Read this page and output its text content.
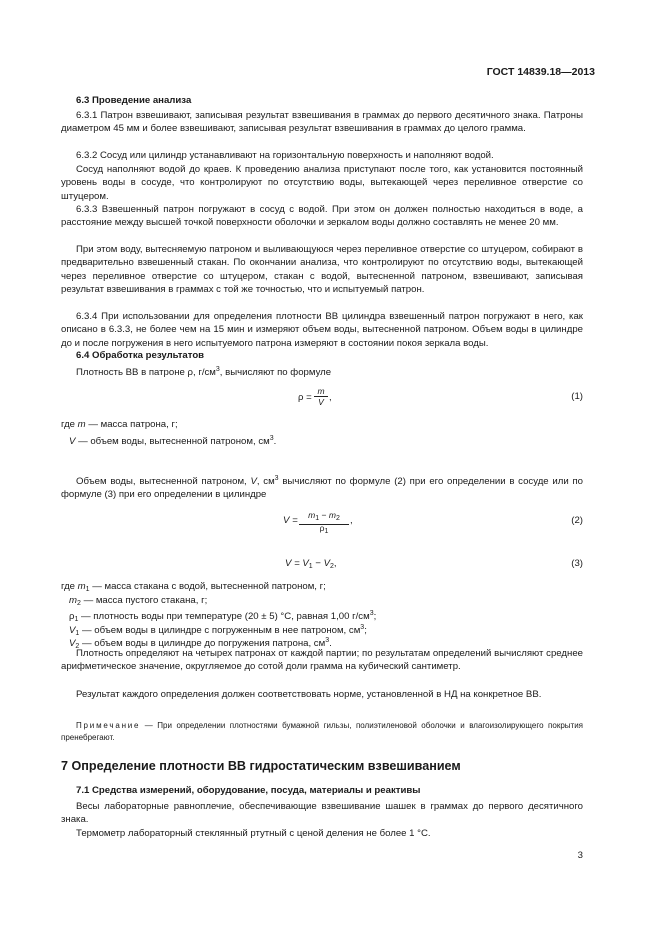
ГОСТ 14839.18—2013
6.3 Проведение анализа
6.3.1 Патрон взвешивают, записывая результат взвешивания в граммах до первого десятичного знака. Патроны диаметром 45 мм и более взвешивают, записывая результат взвешивания в граммах до целого грамма.
6.3.2 Сосуд или цилиндр устанавливают на горизонтальную поверхность и наполняют водой.
Сосуд наполняют водой до краев. К проведению анализа приступают после того, как установится постоянный уровень воды в сосуде, что контролируют по отсутствию воды, вытекающей через переливное отверстие со штуцером.
6.3.3 Взвешенный патрон погружают в сосуд с водой. При этом он должен полностью находиться в воде, а расстояние между высшей точкой поверхности оболочки и зеркалом воды должно составлять не менее 20 мм.
При этом воду, вытесняемую патроном и выливающуюся через переливное отверстие со штуцером, собирают в предварительно взвешенный стакан. По окончании анализа, что контролируют по отсутствию воды, вытекающей через переливное отверстие со штуцером, стакан с водой, вытесненной патроном, взвешивают, записывая результат взвешивания в граммах с той же точностью, что и испытуемый патрон.
6.3.4 При использовании для определения плотности ВВ цилиндра взвешенный патрон погружают в него, как описано в 6.3.3, не более чем на 15 мин и измеряют объем воды, вытесненной патроном. Объем воды в цилиндре до и после погружения в него испытуемого патрона измеряют в состоянии покоя зеркала воды.
6.4 Обработка результатов
Плотность ВВ в патроне ρ, $г/см^3$, вычисляют по формуле
$\rho = \frac{m}{V}$ ,	(1)
где m — масса патрона, г;
V — объем воды, вытесненной патроном, $см^3$.
Объем воды, вытесненной патроном, V, $см^3$ вычисляют по формуле (2) при его определении в сосуде или по формуле (3) при его определении в цилиндре
V =	$m_1 - m_2$
$\rho_1$
,	(2)
$V = V_1 - V_2$,	(3)
где $m_1$ — масса стакана с водой, вытесненной патроном, г;
$m_2$ — масса пустого стакана, г;
$\rho_1$ — плотность воды при температуре (20 ± 5) °С, равная 1,00 $г/см^3$;
$V_1$ — объем воды в цилиндре с погруженным в нее патроном, $см^3$;
$V_2$ — объем воды в цилиндре до погружения патрона, $см^3$.
Плотность определяют на четырех патронах от каждой партии; по результатам определений вычисляют среднее арифметическое значение, округляемое до сотой доли грамма на кубический сантиметр.
Результат каждого определения должен соответствовать норме, установленной в НД на конкретное ВВ.
Примечание — При определении плотностями бумажной гильзы, полиэтиленовой оболочки и влагоизолирующего покрытия пренебрегают.
7 Определение плотности ВВ гидростатическим взвешиванием
7.1 Средства измерений, оборудование, посуда, материалы и реактивы
Весы лабораторные равноплечие, обеспечивающие взвешивание шашек в граммах до первого десятичного знака.
Термометр лабораторный стеклянный ртутный с ценой деления не более 1 °С.
3
